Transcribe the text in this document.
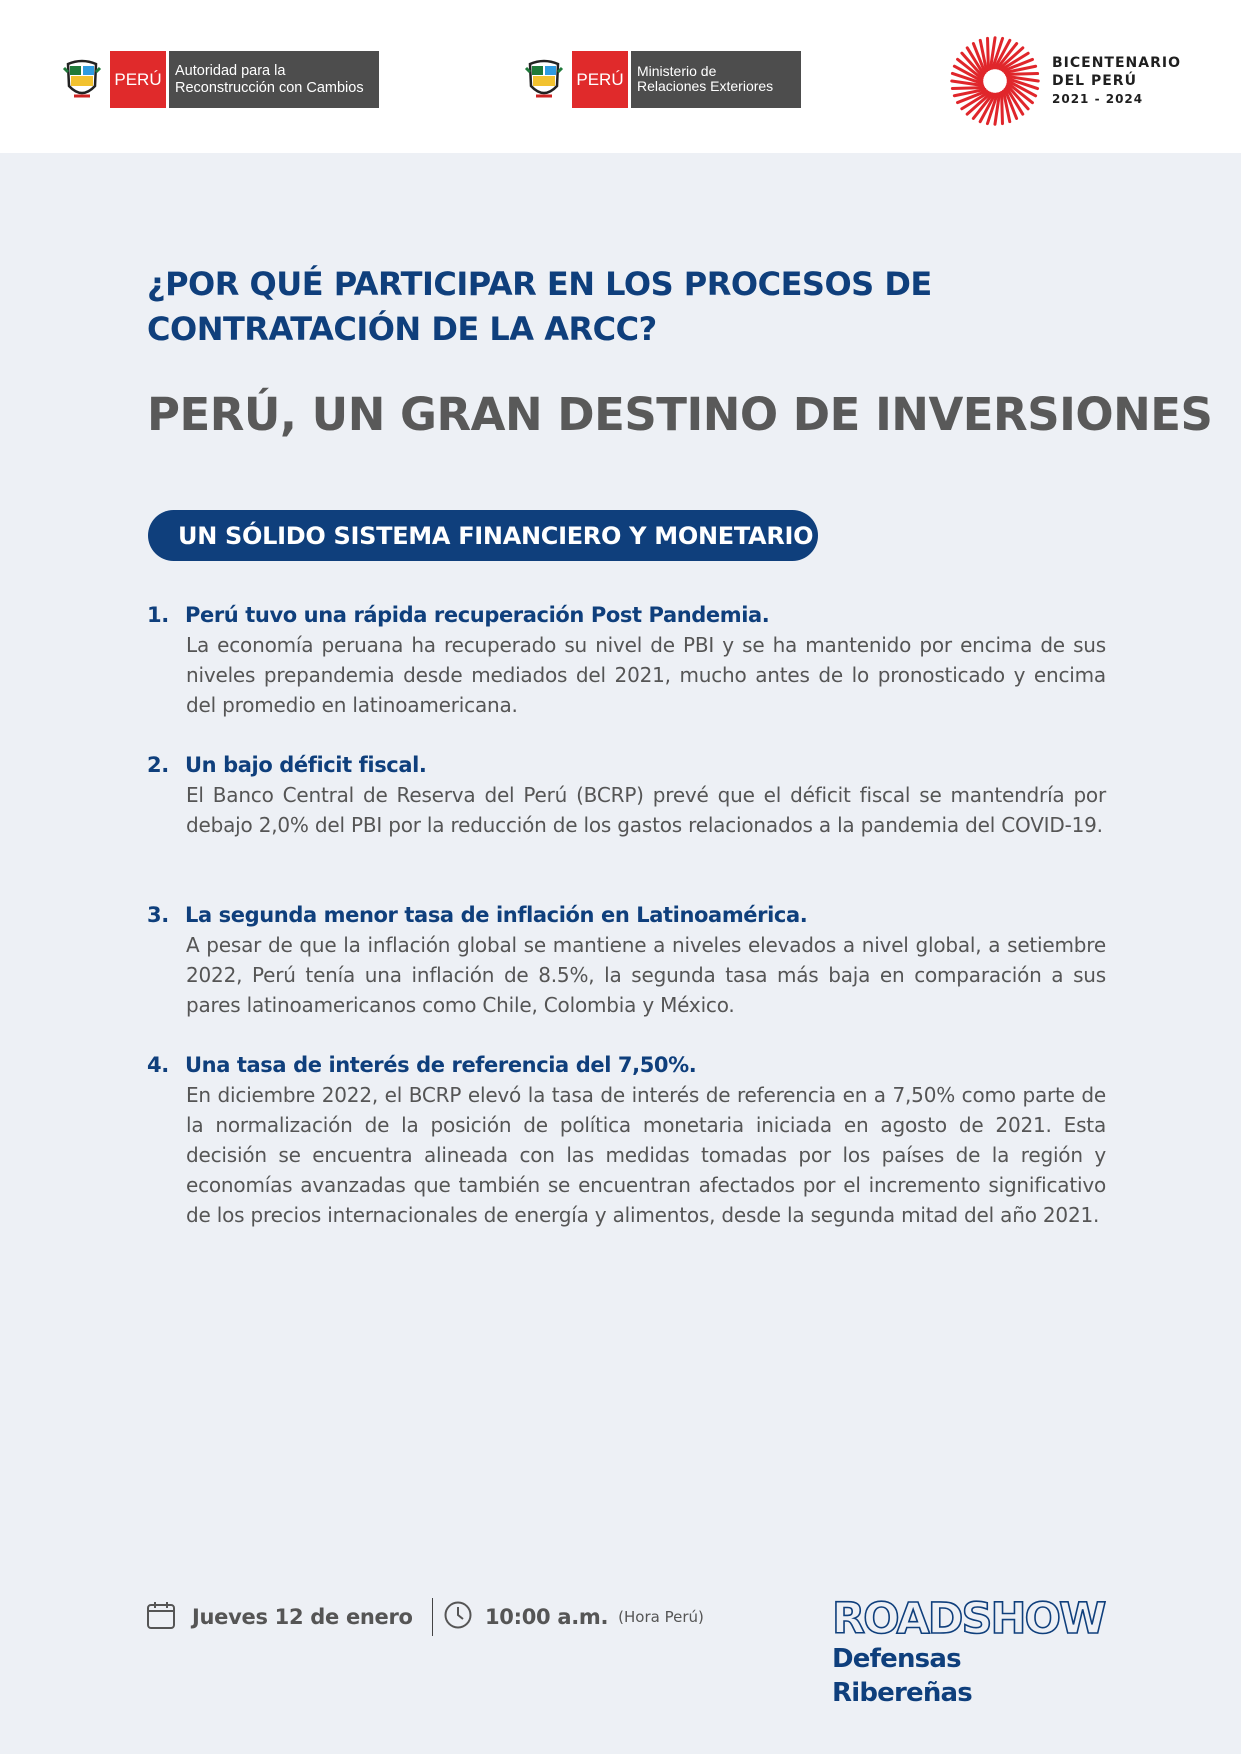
PERÚ Autoridad para la
Reconstrucción con Cambios	PERÚ Ministerio de
Relaciones Exteriores
BICENTENARIO
DEL PERÚ
2021 - 2024
¿POR QUÉ PARTICIPAR EN LOS PROCESOS DE
CONTRATACIÓN DE LA ARCC?
PERÚ, UN GRAN DESTINO DE INVERSIONES
UN SÓLIDO SISTEMA FINANCIERO Y MONETARIO
1. Perú tuvo una rápida recuperación Post Pandemia.
La economía peruana ha recuperado su nivel de PBI y se ha mantenido por encima de sus niveles prepandemia desde mediados del 2021, mucho antes de lo pronosticado y encima del promedio en latinoamericana.
2. Un bajo déficit fiscal.
El Banco Central de Reserva del Perú (BCRP) prevé que el déficit fiscal se mantendría por debajo 2,0% del PBI por la reducción de los gastos relacionados a la pandemia del COVID-19.
3. La segunda menor tasa de inflación en Latinoamérica.
A pesar de que la inflación global se mantiene a niveles elevados a nivel global, a setiembre 2022, Perú tenía una inflación de 8.5%, la segunda tasa más baja en comparación a sus pares latinoamericanos como Chile, Colombia y México.
4. Una tasa de interés de referencia del 7,50%.
En diciembre 2022, el BCRP elevó la tasa de interés de referencia en a 7,50% como parte de la normalización de la posición de política monetaria iniciada en agosto de 2021. Esta decisión se encuentra alineada con las medidas tomadas por los países de la región y economías avanzadas que también se encuentran afectados por el incremento significativo de los precios internacionales de energía y alimentos, desde la segunda mitad del año 2021.
Jueves 12 de enero	10:00 a.m. (Hora Perú)	ROADSHOW
Defensas Ribereñas
